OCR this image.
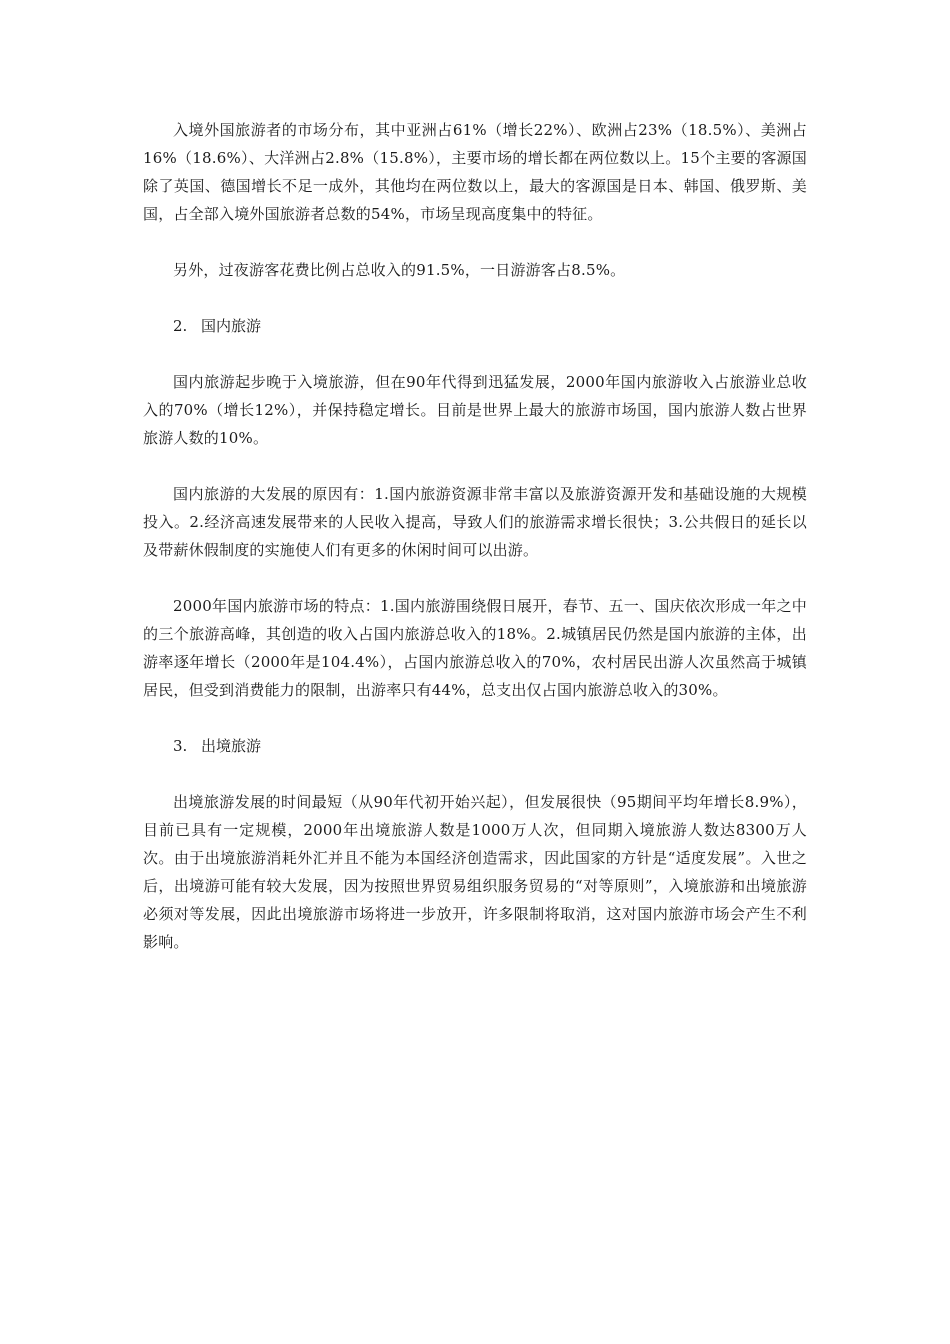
入境外国旅游者的市场分布，其中亚洲占61%（增长22%）、欧洲占23%（18.5%）、美洲占16%（18.6%）、大洋洲占2.8%（15.8%），主要市场的增长都在两位数以上。15个主要的客源国除了英国、德国增长不足一成外，其他均在两位数以上，最大的客源国是日本、韩国、俄罗斯、美国，占全部入境外国旅游者总数的54%，市场呈现高度集中的特征。

另外，过夜游客花费比例占总收入的91.5%，一日游游客占8.5%。

2. 国内旅游

国内旅游起步晚于入境旅游，但在90年代得到迅猛发展，2000年国内旅游收入占旅游业总收入的70%（增长12%），并保持稳定增长。目前是世界上最大的旅游市场国，国内旅游人数占世界旅游人数的10%。

国内旅游的大发展的原因有：1.国内旅游资源非常丰富以及旅游资源开发和基础设施的大规模投入。2.经济高速发展带来的人民收入提高，导致人们的旅游需求增长很快；3.公共假日的延长以及带薪休假制度的实施使人们有更多的休闲时间可以出游。

2000年国内旅游市场的特点：1.国内旅游围绕假日展开，春节、五一、国庆依次形成一年之中的三个旅游高峰，其创造的收入占国内旅游总收入的18%。2.城镇居民仍然是国内旅游的主体，出游率逐年增长（2000年是104.4%），占国内旅游总收入的70%，农村居民出游人次虽然高于城镇居民，但受到消费能力的限制，出游率只有44%，总支出仅占国内旅游总收入的30%。

3. 出境旅游

出境旅游发展的时间最短（从90年代初开始兴起），但发展很快（95期间平均年增长8.9%），目前已具有一定规模，2000年出境旅游人数是1000万人次，但同期入境旅游人数达8300万人次。由于出境旅游消耗外汇并且不能为本国经济创造需求，因此国家的方针是“适度发展”。入世之后，出境游可能有较大发展，因为按照世界贸易组织服务贸易的“对等原则”，入境旅游和出境旅游必须对等发展，因此出境旅游市场将进一步放开，许多限制将取消，这对国内旅游市场会产生不利影响。
